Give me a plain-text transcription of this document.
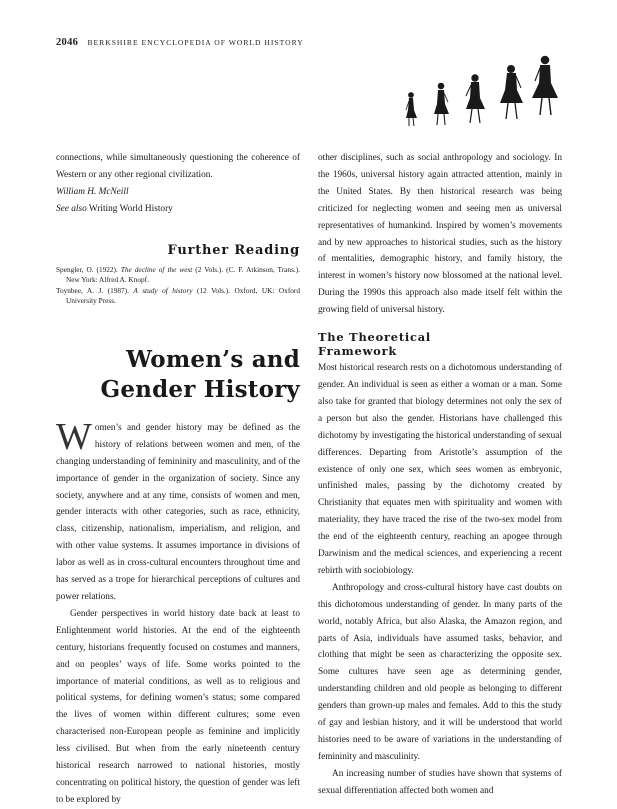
2046 BERKSHIRE ENCYCLOPEDIA OF WORLD HISTORY

connections, while simultaneously questioning the coherence of Western or any other regional civilization.

William H. McNeill

See also Writing World History

Further Reading

Spengler, O. (1922). The decline of the west (2 Vols.). (C. F. Atkinson, Trans.). New York: Alfred A. Knopf.

Toynbee, A. J. (1987). A study of history (12 Vols.). Oxford, UK: Oxford University Press.

Women’s and
Gender History

Women’s and gender history may be defined as the history of relations between women and men, of the changing understanding of femininity and masculinity, and of the importance of gender in the organization of society. Since any society, anywhere and at any time, consists of women and men, gender interacts with other categories, such as race, ethnicity, class, citizenship, nationalism, imperialism, and religion, and with other value systems. It assumes importance in divisions of labor as well as in cross-cultural encounters throughout time and has served as a trope for hierarchical perceptions of cultures and power relations.

Gender perspectives in world history date back at least to Enlightenment world histories. At the end of the eighteenth century, historians frequently focused on costumes and manners, and on peoples’ ways of life. Some works pointed to the importance of material conditions, as well as to religious and political systems, for defining women’s status; some compared the lives of women within different cultures; some even characterised non-European people as feminine and implicitly less civilised. But when from the early nineteenth century historical research narrowed to national histories, mostly concentrating on political history, the question of gender was left to be explored by

other disciplines, such as social anthropology and sociology. In the 1960s, universal history again attracted attention, mainly in the United States. By then historical research was being criticized for neglecting women and seeing men as universal representatives of humankind. Inspired by women’s movements and by new approaches to historical studies, such as the history of mentalities, demographic history, and family history, the interest in women’s history now blossomed at the national level. During the 1990s this approach also made itself felt within the growing field of universal history.

The Theoretical
Framework

Most historical research rests on a dichotomous understanding of gender. An individual is seen as either a woman or a man. Some also take for granted that biology determines not only the sex of a person but also the gender. Historians have challenged this dichotomy by investigating the historical understanding of sexual differences. Departing from Aristotle’s assumption of the existence of only one sex, which sees women as embryonic, unfinished males, passing by the dichotomy created by Christianity that equates men with spirituality and women with materiality, they have traced the rise of the two-sex model from the end of the eighteenth century, reaching an apogee through Darwinism and the medical sciences, and experiencing a recent rebirth with sociobiology.

Anthropology and cross-cultural history have cast doubts on this dichotomous understanding of gender. In many parts of the world, notably Africa, but also Alaska, the Amazon region, and parts of Asia, individuals have assumed tasks, behavior, and clothing that might be seen as characterizing the opposite sex. Some cultures have seen age as determining gender, understanding children and old people as belonging to different genders than grown-up males and females. Add to this the study of gay and lesbian history, and it will be understood that world histories need to be aware of variations in the understanding of femininity and masculinity.

An increasing number of studies have shown that systems of sexual differentiation affected both women and
